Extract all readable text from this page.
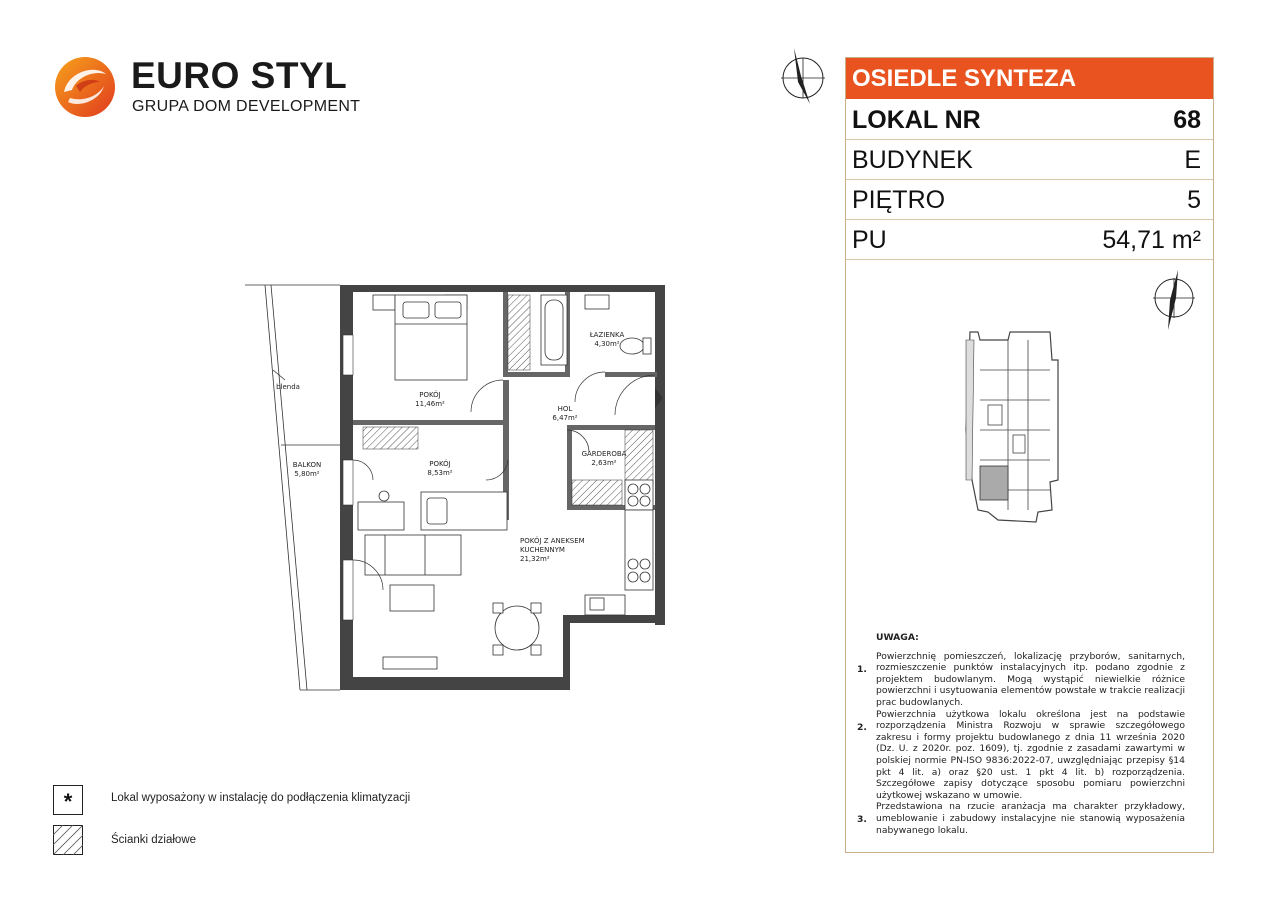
EURO STYL
GRUPA DOM DEVELOPMENT
OSIEDLE SYNTEZA
LOKAL NR	68
BUDYNEK	E
PIĘTRO	5
PU	54,71 m²
UWAGA:
1.
Powierzchnię pomieszczeń, lokalizację przyborów, sanitarnych, rozmieszczenie punktów instalacyjnych itp. podano zgodnie z projektem budowlanym. Mogą wystąpić niewielkie różnice powierzchni i usytuowania elementów powstałe w trakcie realizacji prac budowlanych.
2.
Powierzchnia użytkowa lokalu określona jest na podstawie rozporządzenia Ministra Rozwoju w sprawie szczegółowego zakresu i formy projektu budowlanego z dnia 11 września 2020 (Dz. U. z 2020r. poz. 1609), tj. zgodnie z zasadami zawartymi w polskiej normie PN-ISO 9836:2022-07, uwzględniając przepisy §14 pkt 4 lit. a) oraz §20 ust. 1 pkt 4 lit. b) rozporządzenia. Szczegółowe zapisy dotyczące sposobu pomiaru powierzchni użytkowej wskazano w umowie.
3.
Przedstawiona na rzucie aranżacja ma charakter przykładowy, umeblowanie i zabudowy instalacyjne nie stanowią wyposażenia nabywanego lokalu.
*	Lokal wyposażony w instalację do podłączenia klimatyzacji
Ścianki działowe
blenda
ŁAZIENKA
4,30m²
POKÓJ
11,46m²
HOL
6,47m²
POKÓJ
8,53m²
GARDEROBA
2,63m²
BALKON
5,80m²
POKÓJ Z ANEKSEM KUCHENNYM
21,32m²
